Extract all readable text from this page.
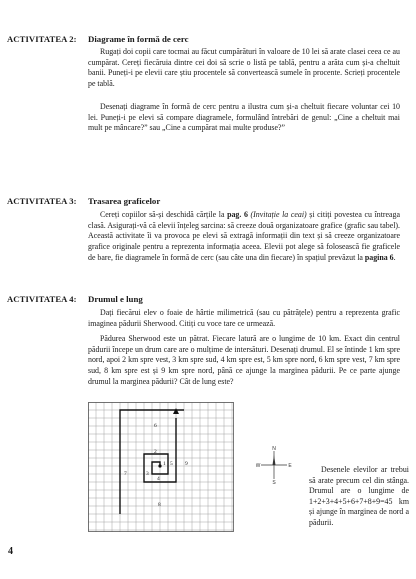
ACTIVITATEA 2: Diagrame în formă de cerc

Rugați doi copii care tocmai au făcut cumpărături în valoare de 10 lei să arate clasei ceea ce au cumpărat. Cereți fiecăruia dintre cei doi să scrie o listă pe tablă, pentru a arăta cum și-a cheltuit banii. Puneți-i pe elevii care știu procentele să convertească sumele în procente. Scrieți procentele pe tablă.

Desenați diagrame în formă de cerc pentru a ilustra cum și-a cheltuit fiecare voluntar cei 10 lei. Puneți-i pe elevi să compare diagramele, formulând întrebări de genul: „Cine a cheltuit mai mult pe mâncare?” sau „Cine a cumpărat mai multe produse?”

ACTIVITATEA 3: Trasarea graficelor

Cereți copiilor să-și deschidă cărțile la pag. 6 (Invitație la ceai) și citiți povestea cu întreaga clasă. Asigurați-vă că elevii înțeleg sarcina: să creeze două organizatoare grafice (grafic sau tabel). Această activitate îi va provoca pe elevi să extragă informații din text și să creeze organizatoare grafice originale pentru a reprezenta informația aceea. Elevii pot alege să folosească fie graficele de bare, fie diagramele în formă de cerc (sau câte una din fiecare) în spațiul prevăzut la pagina 6.

ACTIVITATEA 4: Drumul e lung

Dați fiecărui elev o foaie de hârtie milimetrică (sau cu pătrățele) pentru a reprezenta grafic imaginea pădurii Sherwood. Citiți cu voce tare ce urmează.

Pădurea Sherwood este un pătrat. Fiecare latură are o lungime de 10 km. Exact din centrul pădurii începe un drum care are o mulțime de intersături. Desenați drumul. El se întinde 1 km spre nord, apoi 2 km spre vest, 3 km spre sud, 4 km spre est, 5 km spre nord, 6 km spre vest, 7 km spre sud, 8 km spre est și 9 km spre nord, până ce ajunge la marginea pădurii. Pe ce parte ajunge drumul la marginea pădurii? Cât de lung este?

6
2
1 5 9
7	3
4
8
N
S
W	E	Desenele elevilor ar trebui să arate precum cel din stânga. Drumul are o lungime de 1+2+3+4+5+6+7+8+9=45 km și ajunge în marginea de nord a pădurii.

4
